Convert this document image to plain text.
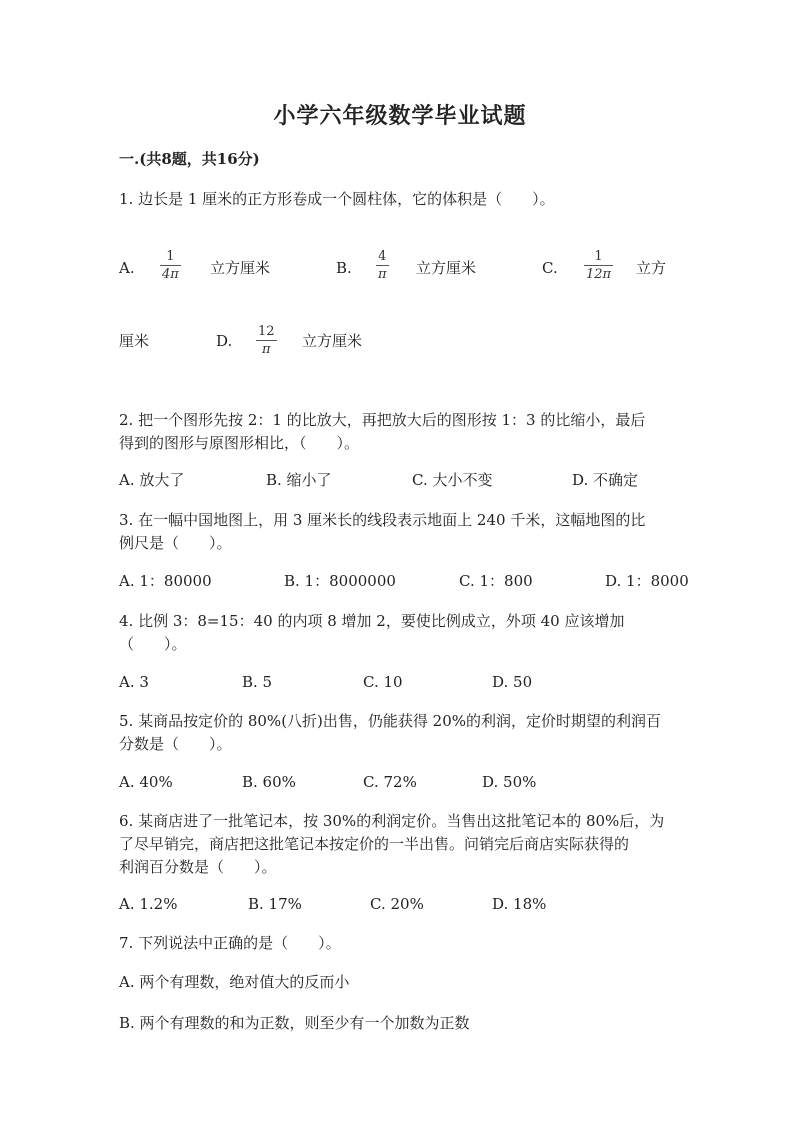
小学六年级数学毕业试题
一.(共8题，共16分)
1. 边长是 1 厘米的正方形卷成一个圆柱体，它的体积是（　　）。
A.
1
4π 立方厘米	B.
4
π 立方厘米	C.
1
12π 立方
厘米	D.
12
π 立方厘米
2. 把一个图形先按 2：1 的比放大，再把放大后的图形按 1：3 的比缩小，最后
得到的图形与原图形相比，（　　）。
A. 放大了	B. 缩小了	C. 大小不变	D. 不确定
3. 在一幅中国地图上，用 3 厘米长的线段表示地面上 240 千米，这幅地图的比
例尺是（　　）。
A. 1：80000	B. 1：8000000	C. 1：800	D. 1：8000
4. 比例 3：8=15：40 的内项 8 增加 2，要使比例成立，外项 40 应该增加
（　　）。
A. 3	B. 5	C. 10	D. 50
5. 某商品按定价的 80%(八折)出售，仍能获得 20%的利润，定价时期望的利润百
分数是（　　）。
A. 40%	B. 60%	C. 72%	D. 50%
6. 某商店进了一批笔记本，按 30%的利润定价。当售出这批笔记本的 80%后，为
了尽早销完，商店把这批笔记本按定价的一半出售。问销完后商店实际获得的
利润百分数是（　　）。
A. 1.2%	B. 17%	C. 20%	D. 18%
7. 下列说法中正确的是（　　）。
A. 两个有理数，绝对值大的反而小
B. 两个有理数的和为正数，则至少有一个加数为正数
